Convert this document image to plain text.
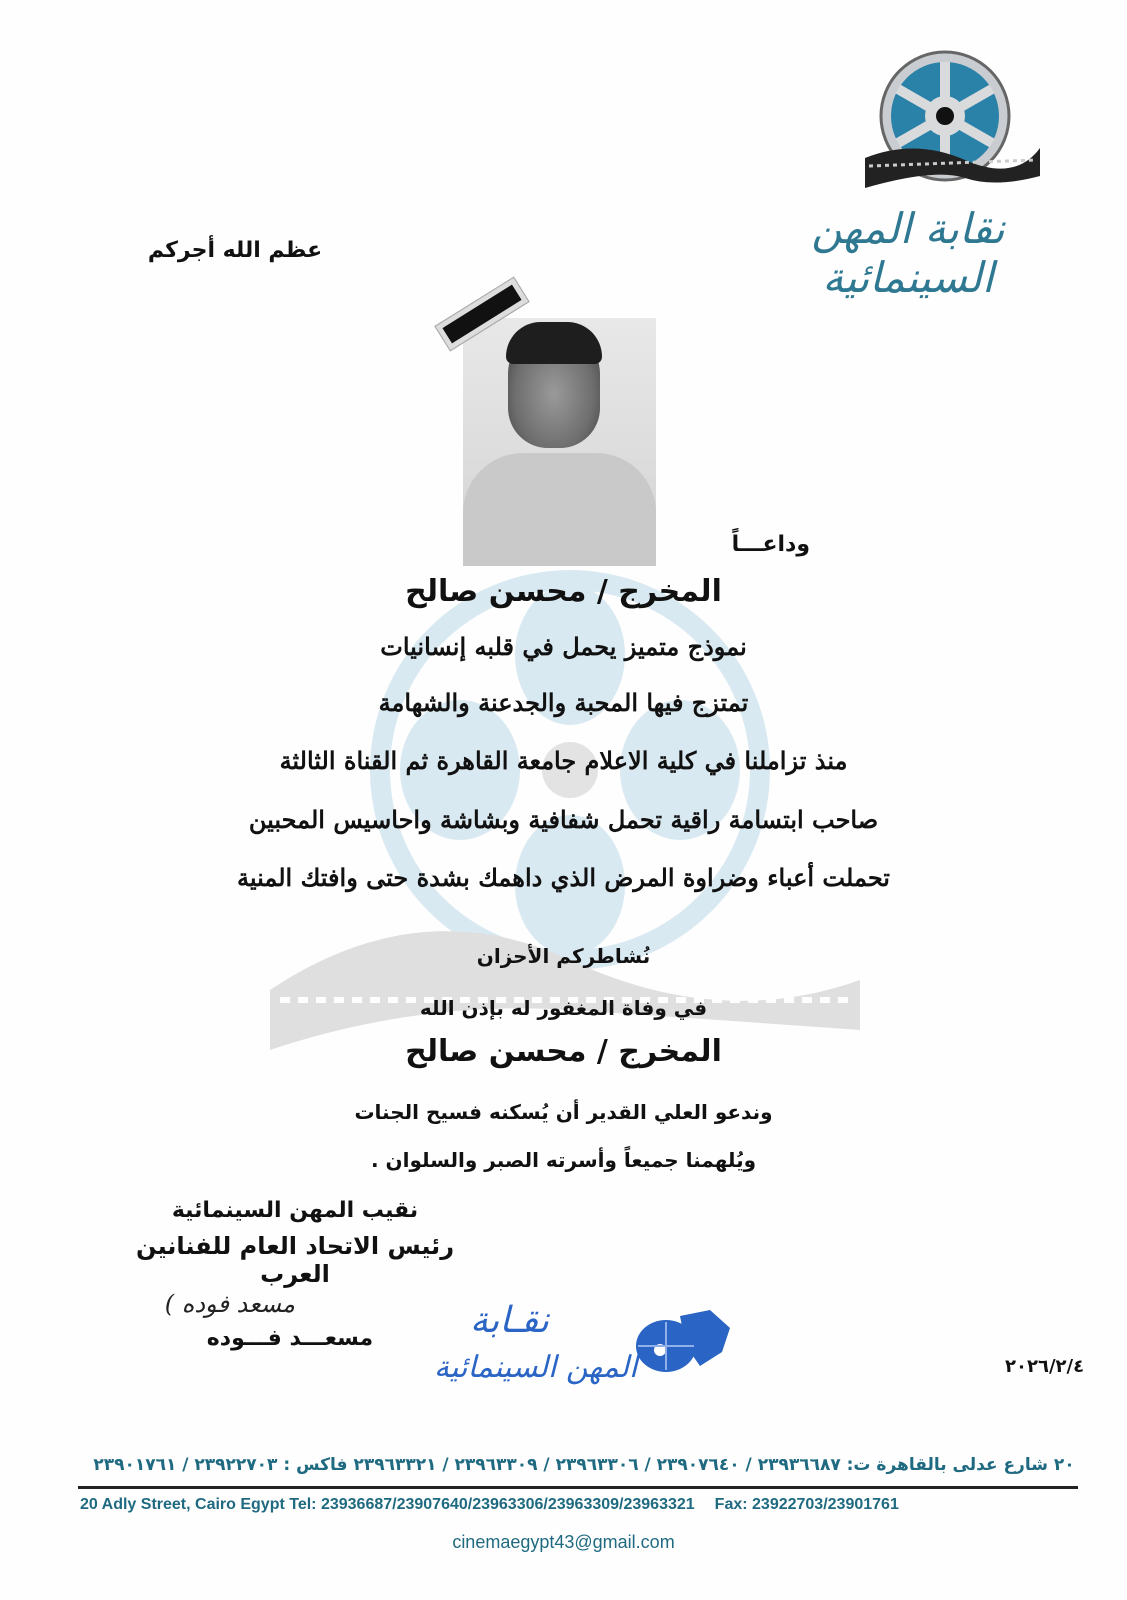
نقابة المهن السينمائية
عظم الله أجركم
وداعـــاً
المخرج / محسن صالح
نموذج متميز يحمل في قلبه إنسانيات
تمتزج فيها المحبة والجدعنة والشهامة
منذ تزاملنا في كلية الاعلام جامعة القاهرة ثم القناة الثالثة
صاحب ابتسامة راقية تحمل شفافية وبشاشة واحاسيس المحبين
تحملت أعباء وضراوة المرض الذي داهمك بشدة حتى وافتك المنية
نُشاطركم الأحزان
في وفاة المغفور له بإذن الله
المخرج / محسن صالح
وندعو العلي القدير أن يُسكنه فسيح الجنات
ويُلهمنا جميعاً وأسرته الصبر والسلوان .
نقيب المهن السينمائية
رئيس الاتحاد العام للفنانين العرب
مسعد فوده )
مسعـــد فـــوده	نقـابة
المهن السينمائية	٢٠٢٦/٢/٤
٢٠ شارع عدلى بالقاهرة ت: ٢٣٩٣٦٦٨٧ / ٢٣٩٠٧٦٤٠ / ٢٣٩٦٣٣٠٦ / ٢٣٩٦٣٣٠٩ / ٢٣٩٦٣٣٢١ فاكس : ٢٣٩٢٢٧٠٣ / ٢٣٩٠١٧٦١
20 Adly Street, Cairo Egypt Tel: 23936687/23907640/23963306/23963309/23963321 Fax: 23922703/23901761
cinemaegypt43@gmail.com
